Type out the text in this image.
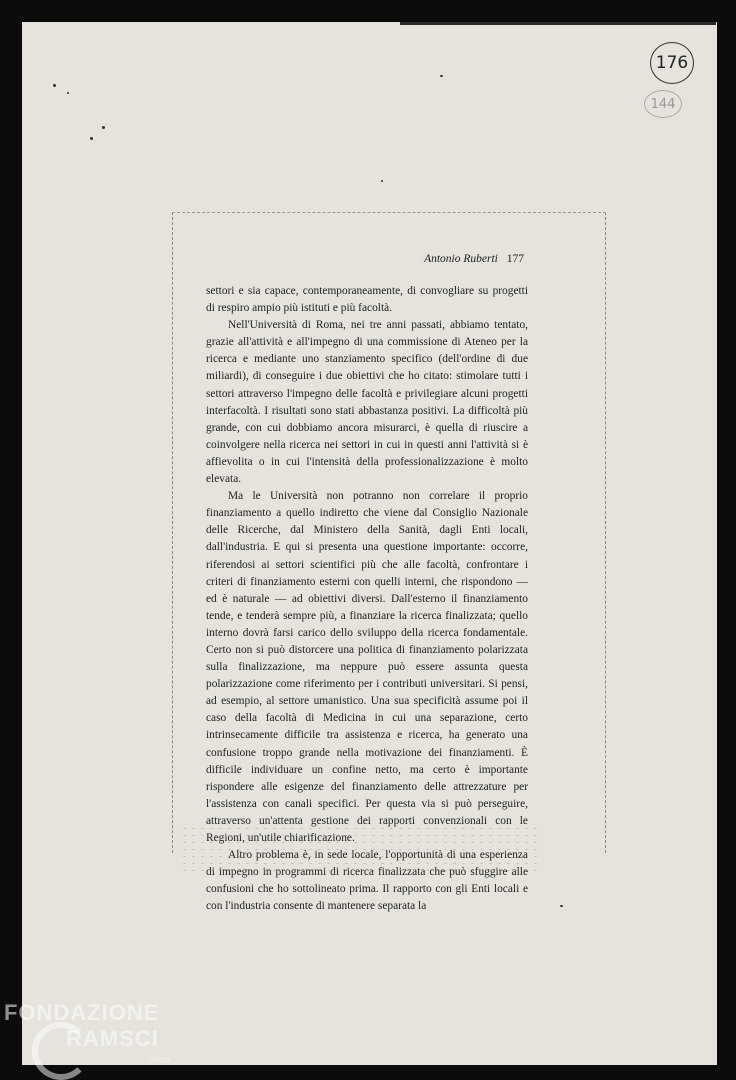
176
144
Antonio Ruberti 177

settori e sia capace, contemporaneamente, di convogliare su progetti di respiro ampio più istituti e più facoltà.

Nell'Università di Roma, nei tre anni passati, abbiamo tentato, grazie all'attività e all'impegno di una commissione di Ateneo per la ricerca e mediante uno stanziamento specifico (dell'ordine di due miliardi), di conseguire i due obiettivi che ho citato: stimolare tutti i settori attraverso l'impegno delle facoltà e privilegiare alcuni progetti interfacoltà. I risultati sono stati abbastanza positivi. La difficoltà più grande, con cui dobbiamo ancora misurarci, è quella di riuscire a coinvolgere nella ricerca nei settori in cui in questi anni l'attività si è affievolita o in cui l'intensità della professionalizzazione è molto elevata.

Ma le Università non potranno non correlare il proprio finanziamento a quello indiretto che viene dal Consiglio Nazionale delle Ricerche, dal Ministero della Sanità, dagli Enti locali, dall'industria. E qui si presenta una questione importante: occorre, riferendosi ai settori scientifici più che alle facoltà, confrontare i criteri di finanziamento esterni con quelli interni, che rispondono — ed è naturale — ad obiettivi diversi. Dall'esterno il finanziamento tende, e tenderà sempre più, a finanziare la ricerca finalizzata; quello interno dovrà farsi carico dello sviluppo della ricerca fondamentale. Certo non si può distorcere una politica di finanziamento polarizzata sulla finalizzazione, ma neppure può essere assunta questa polarizzazione come riferimento per i contributi universitari. Si pensi, ad esempio, al settore umanistico. Una sua specificità assume poi il caso della facoltà di Medicina in cui una separazione, certo intrinsecamente difficile tra assistenza e ricerca, ha generato una confusione troppo grande nella motivazione dei finanziamenti. È difficile individuare un confine netto, ma certo è importante rispondere alle esigenze del finanziamento delle attrezzature per l'assistenza con canali specifici. Per questa via si può perseguire, attraverso un'attenta gestione dei rapporti convenzionali con le Regioni, un'utile chiarificazione.

Altro problema è, in sede locale, l'opportunità di una esperienza di impegno in programmi di ricerca finalizzata che può sfuggire alle confusioni che ho sottolineato prima. Il rapporto con gli Enti locali e con l'industria consente di mantenere separata la

FONDAZIONE
RAMSCI
onlus
